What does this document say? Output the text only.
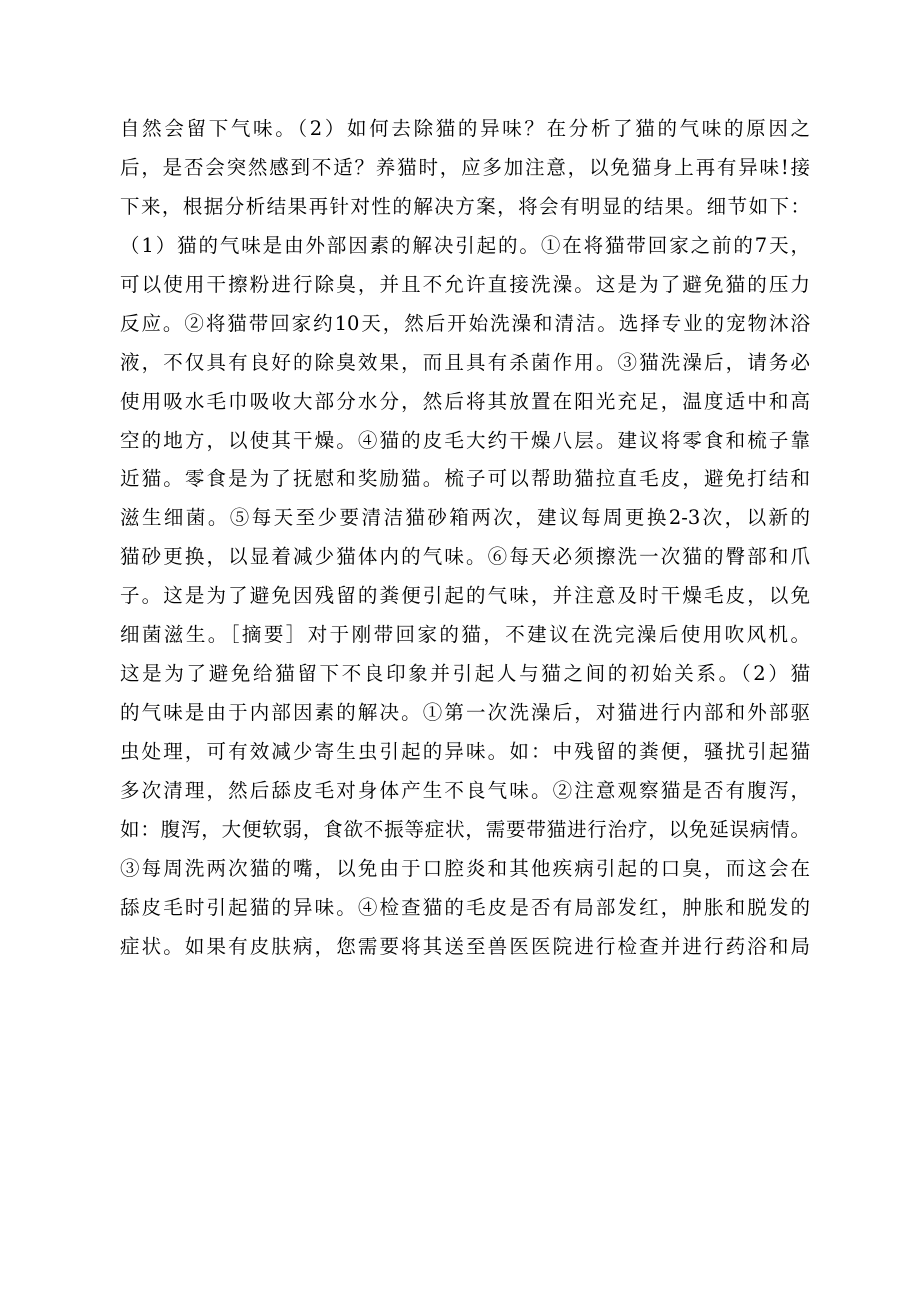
自然会留下气味。（2）如何去除猫的异味？在分析了猫的气味的原因之
后，是否会突然感到不适？养猫时，应多加注意，以免猫身上再有异味!接
下来，根据分析结果再针对性的解决方案，将会有明显的结果。细节如下：
（1）猫的气味是由外部因素的解决引起的。①在将猫带回家之前的7天，
可以使用干擦粉进行除臭，并且不允许直接洗澡。这是为了避免猫的压力
反应。②将猫带回家约10天，然后开始洗澡和清洁。选择专业的宠物沐浴
液，不仅具有良好的除臭效果，而且具有杀菌作用。③猫洗澡后，请务必
使用吸水毛巾吸收大部分水分，然后将其放置在阳光充足，温度适中和高
空的地方，以使其干燥。④猫的皮毛大约干燥八层。建议将零食和梳子靠
近猫。零食是为了抚慰和奖励猫。梳子可以帮助猫拉直毛皮，避免打结和
滋生细菌。⑤每天至少要清洁猫砂箱两次，建议每周更换2-3次，以新的
猫砂更换，以显着减少猫体内的气味。⑥每天必须擦洗一次猫的臀部和爪
子。这是为了避免因残留的粪便引起的气味，并注意及时干燥毛皮，以免
细菌滋生。［摘要］对于刚带回家的猫，不建议在洗完澡后使用吹风机。
这是为了避免给猫留下不良印象并引起人与猫之间的初始关系。（2）猫
的气味是由于内部因素的解决。①第一次洗澡后，对猫进行内部和外部驱
虫处理，可有效减少寄生虫引起的异味。如：中残留的粪便，骚扰引起猫
多次清理，然后舔皮毛对身体产生不良气味。②注意观察猫是否有腹泻，
如：腹泻，大便软弱，食欲不振等症状，需要带猫进行治疗，以免延误病情。
③每周洗两次猫的嘴，以免由于口腔炎和其他疾病引起的口臭，而这会在
舔皮毛时引起猫的异味。④检查猫的毛皮是否有局部发红，肿胀和脱发的
症状。如果有皮肤病，您需要将其送至兽医医院进行检查并进行药浴和局
